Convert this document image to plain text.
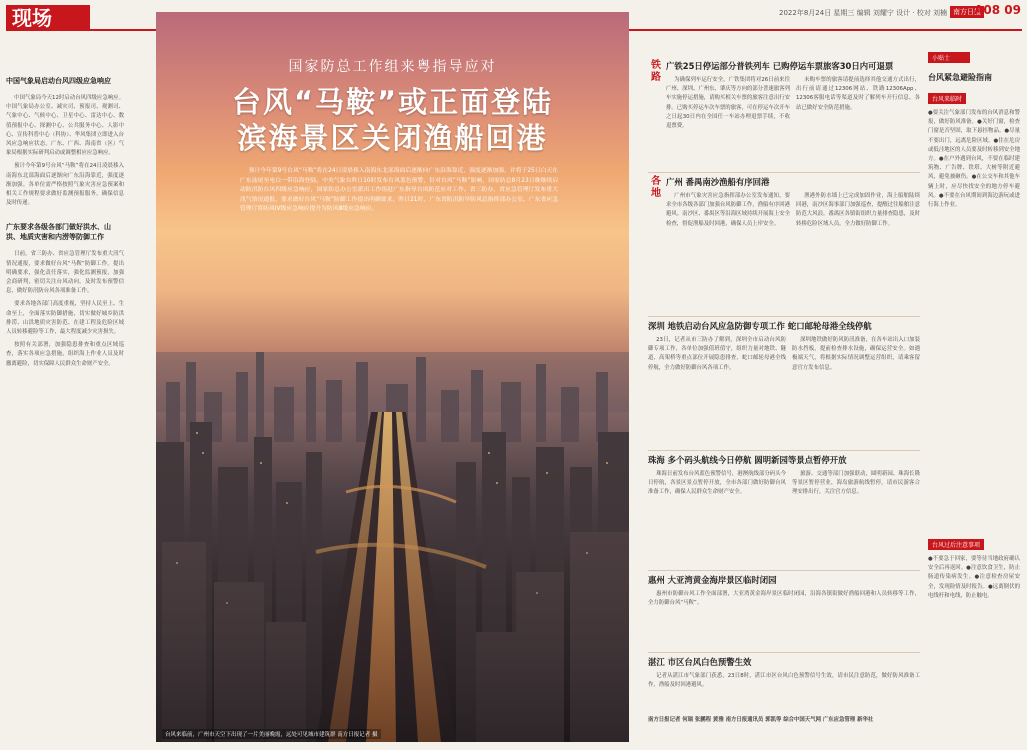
现场	2022年8月24日 星期三 编辑 刘耀宁 设计 · 校对 刘楠 南方日报
A08 09
中国气象局启动台风四级应急响应

中国气象局今天12时启动台风四级应急响应。中国气象局办公室、减灾司、预报司、观测司、气象中心、气候中心、卫星中心、雷达中心、数值预报中心、探测中心、公共服务中心、人影中心、宣传科普中心（科协）、华风集团立即进入台风应急响应状态。广东、广西、海南省（区）气象局根据实际研判启动或调整相应应急响应。

预计今年第9号台风“马鞍”将在24日凌晨移入南海东北部海面后逐渐向广东沿海靠近，强度逐渐加强。各单位需严格按照气象灾害应急预案和相关工作规程要求做好监测预报服务，确保信息及时传递。

广东要求各级各部门做好洪水、山洪、地质灾害和内涝等防御工作

日前，省三防办、省应急管理厅发布重大汛气情况通报，要求做好台风“马鞍”防御工作。提出明确要求，强化责任落实，强化监测预报，加强会商研判，密切关注台风动向，及时发布预警信息，做好防汛防台风各项准备工作。

要求各地各部门高度重视，坚持人民至上、生命至上，全面落实防御措施，切实做好城乡防洪排涝、山洪地质灾害防范、在建工程及危险区域人员转移避险等工作，最大程度减少灾害损失。

按照有关部署，加强隐患排查和重点区域巡查，落实各项应急措施，组织海上作业人员及时撤离避险，切实保障人民群众生命财产安全。

国家防总工作组来粤指导应对
台风“马鞍”或正面登陆
滨海景区关闭渔船回港

预计今年第9号台风“马鞍”将在24日凌晨移入南海东北部海面后逐渐向广东沿海靠近，强度逐渐加强，并将于25日白天在广东汕尾至电白一带沿海登陆。中央气象台昨日10时发布台风蓝色预警，针对台风“马鞍”影响，国家防总8月23日晚继续启动防汛防台风四级应急响应，国家防总办公室派出工作组赶广东指导台风防范应对工作。省三防办、省应急管理厅发布重大汛气情况通报，要求做好台风“马鞍”防御工作提出明确要求，昨日21时，广东省防汛防旱防风总指挥部办公室、广东省应急管理厅将防风IV级应急响应提升为防风Ⅲ级应急响应。

台风来临前，广州市天空下出现了一片美丽晚霞，远处可见城市建筑群 南方日报记者 摄
铁路
广铁25日停运部分普铁列车 已购停运车票旅客30日内可退票

为确保列车运行安全，广铁集团将对26日前来往广州、深圳、广州东、肇庆等方向的部分普速旅客列车实施停运措施，请购买相关车票的旅客注意出行安排。已购买停运车次车票的旅客，可在停运车次开车之日起30日内在全国任一车站办理退票手续，不收退票费。

未购车票的旅客请提前选择其他交通方式出行，出行前请通过12306网站、铁路12306App、12306客服电话等渠道及时了解列车开行信息。各站已做好安全防范措施。

各地
广州 番禺南沙渔船有序回港

广州市气象灾害应急指挥部办公室发布通知，要求全市各级各部门加强台风防御工作，渔船有序回港避风。南沙区、番禺区等沿海区域持续开展海上安全检查，督促渔船及时回港，确保人员上岸安全。

渔港外防水墙上已完成加固作业，海上船舶陆续回港，南沙区海事部门加强巡查，提醒过往船舶注意防范大风浪。番禺区各镇街组织力量排查隐患，及时转移危险区域人员，全力做好防御工作。

深圳 地铁启动台风应急防御专项工作 蛇口邮轮母港全线停航

23日，记者从市三防办了解到，深圳全市启动台风防御专项工作，各单位加强值班值守，组织力量对地铁、隧道、高架桥等重点部位开展隐患排查，蛇口邮轮母港全线停航，全力做好防御台风各项工作。

深圳地铁做好防风防汛准备，在各车站出入口加装防水挡板，提前检查排水设施，确保运营安全。如遇极端天气，将根据实际情况调整运营组织，请乘客留意官方发布信息。

珠海 多个码头航线今日停航 圆明新园等景点暂停开放

珠海日前发布台风蓝色预警信号，港澳航线部分码头今日停航，各景区景点暂停开放，全市各部门做好防御台风准备工作，确保人民群众生命财产安全。

旅游、交通等部门加强联动，圆明新园、珠海长隆等景区暂停营业，海岛旅游航线暂停，请市民游客合理安排出行，关注官方信息。

惠州 大亚湾黄金海岸景区临时闭园

惠州市防御台风工作全面部署，大亚湾黄金海岸景区临时闭园，沿海各镇街做好渔船回港和人员转移等工作，全力防御台风“马鞍”。

湛江 市区台风白色预警生效

记者从湛江市气象部门获悉，23日8时，湛江市区台风白色预警信号生效，请市民注意防范，做好防风准备工作，渔船及时回港避风。

南方日报记者 何瑞 张鹏程 黄雅 南方日报通讯员 郭凯等 综合中国天气网 广东应急管理 新华社

小贴士
台风紧急避险指南
台风来临时

●要关注气象部门发布的台风消息和警报，做好防风准备。●关好门窗，检查门窗是否坚固，取下悬挂物品。●尽量不要出门，远离危险区域。●住在危房或低洼地区的人员要及时转移到安全地方。●在户外遇到台风，不要在临时建筑物、广告牌、铁塔、大树等附近避风，避免被砸伤。●在公交车和其他车辆上时，应尽快找安全的地方停车避风。●不要在台风期间到海边游玩或进行海上作业。

台风过后注意事项

●不要急于回家，要等待当地政府确认安全后再返回。●注意饮食卫生，防止肠道传染病发生。●注意检查房屋安全，发现险情及时报告。●远离倒伏的电线杆和电线，防止触电。
